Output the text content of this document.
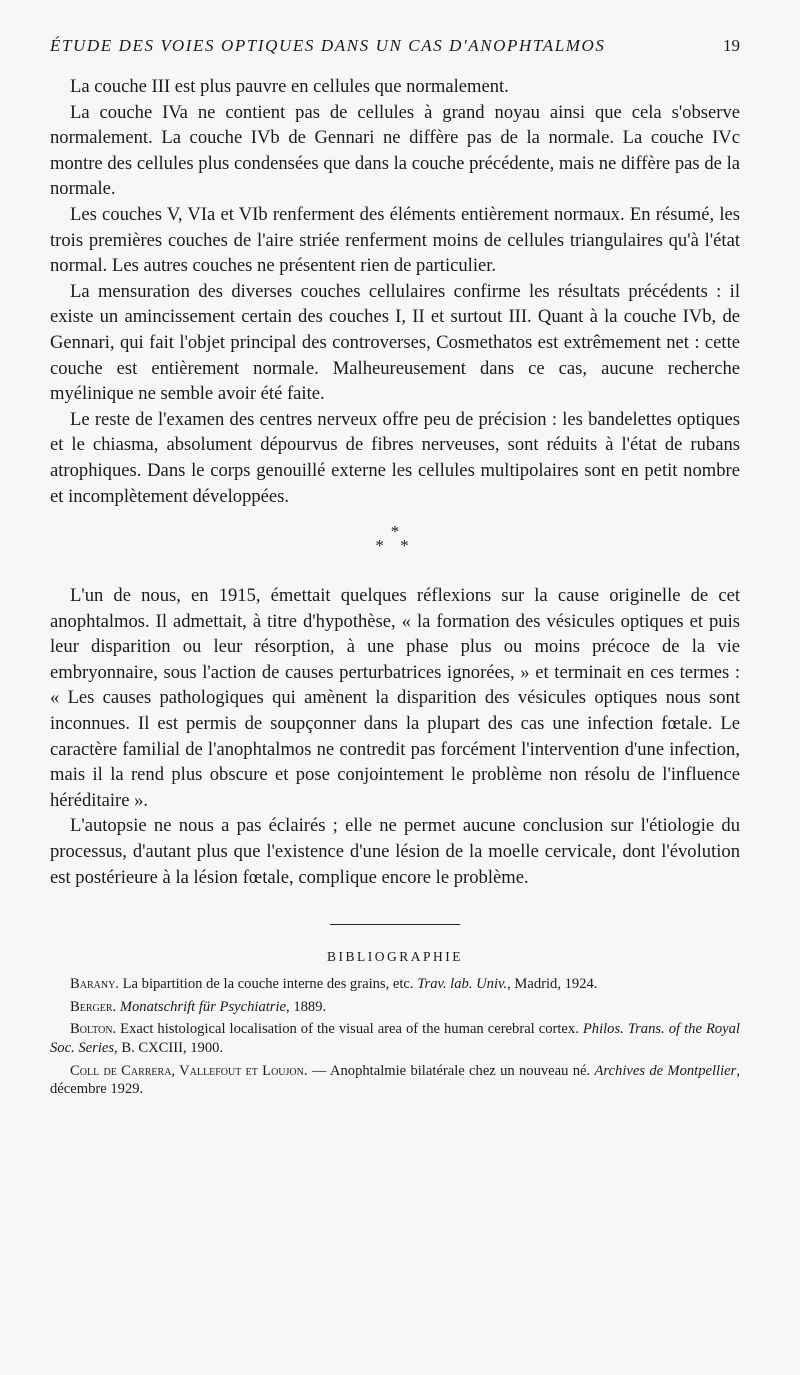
ÉTUDE DES VOIES OPTIQUES DANS UN CAS D'ANOPHTALMOS	19

La couche III est plus pauvre en cellules que normalement.

La couche IVa ne contient pas de cellules à grand noyau ainsi que cela s'observe normalement. La couche IVb de Gennari ne diffère pas de la normale. La couche IVc montre des cellules plus condensées que dans la couche précédente, mais ne diffère pas de la normale.

Les couches V, VIa et VIb renferment des éléments entièrement normaux. En résumé, les trois premières couches de l'aire striée renferment moins de cellules triangulaires qu'à l'état normal. Les autres couches ne présentent rien de particulier.

La mensuration des diverses couches cellulaires confirme les résultats précédents : il existe un amincissement certain des couches I, II et surtout III. Quant à la couche IVb, de Gennari, qui fait l'objet principal des controverses, Cosmethatos est extrêmement net : cette couche est entièrement normale. Malheureusement dans ce cas, aucune recherche myélinique ne semble avoir été faite.

Le reste de l'examen des centres nerveux offre peu de précision : les bandelettes optiques et le chiasma, absolument dépourvus de fibres nerveuses, sont réduits à l'état de rubans atrophiques. Dans le corps genouillé externe les cellules multipolaires sont en petit nombre et incomplètement développées.

*
* *

L'un de nous, en 1915, émettait quelques réflexions sur la cause originelle de cet anophtalmos. Il admettait, à titre d'hypothèse, « la formation des vésicules optiques et puis leur disparition ou leur résorption, à une phase plus ou moins précoce de la vie embryonnaire, sous l'action de causes perturbatrices ignorées, » et terminait en ces termes : « Les causes pathologiques qui amènent la disparition des vésicules optiques nous sont inconnues. Il est permis de soupçonner dans la plupart des cas une infection fœtale. Le caractère familial de l'anophtalmos ne contredit pas forcément l'intervention d'une infection, mais il la rend plus obscure et pose conjointement le problème non résolu de l'influence héréditaire ».

L'autopsie ne nous a pas éclairés ; elle ne permet aucune conclusion sur l'étiologie du processus, d'autant plus que l'existence d'une lésion de la moelle cervicale, dont l'évolution est postérieure à la lésion fœtale, complique encore le problème.

BIBLIOGRAPHIE

Barany. La bipartition de la couche interne des grains, etc. Trav. lab. Univ., Madrid, 1924.

Berger. Monatschrift für Psychiatrie, 1889.

Bolton. Exact histological localisation of the visual area of the human cerebral cortex. Philos. Trans. of the Royal Soc. Series, B. CXCIII, 1900.

Coll de Carrera, Vallefout et Loujon. — Anophtalmie bilatérale chez un nouveau né. Archives de Montpellier, décembre 1929.
